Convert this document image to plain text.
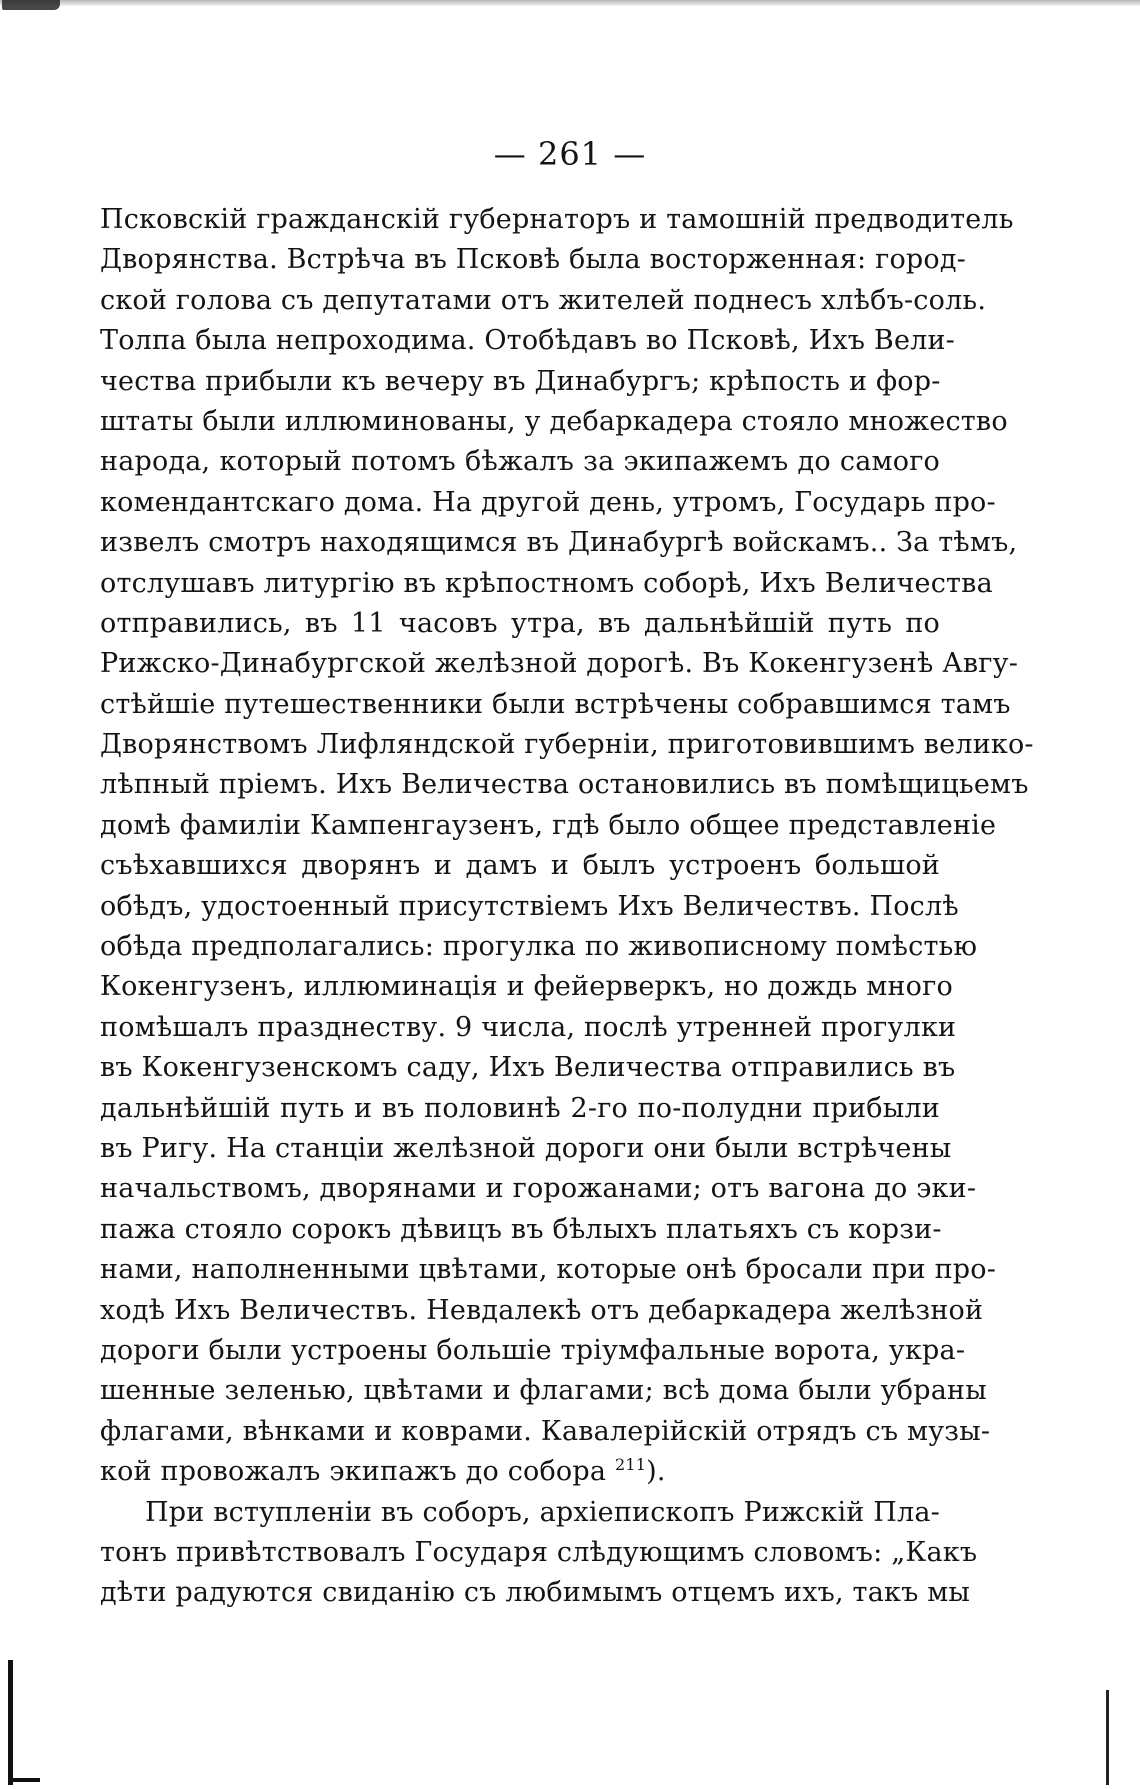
— 261 —
Псковскій гражданскій губернаторъ и тамошній предводитель
Дворянства. Встрѣча въ Псковѣ была восторженная: город-
ской голова съ депутатами отъ жителей поднесъ хлѣбъ-соль.
Толпа была непроходима. Отобѣдавъ во Псковѣ, Ихъ Вели-
чества прибыли къ вечеру въ Динабургъ; крѣпость и фор-
штаты были иллюминованы, у дебаркадера стояло множество
народа, который потомъ бѣжалъ за экипажемъ до самого
комендантскаго дома. На другой день, утромъ, Государь про-
извелъ смотръ находящимся въ Динабургѣ войскамъ.. За тѣмъ,
отслушавъ литургію въ крѣпостномъ соборѣ, Ихъ Величества
отправились, въ 11 часовъ утра, въ дальнѣйшій путь по
Рижско-Динабургской желѣзной дорогѣ. Въ Кокенгузенѣ Авгу-
стѣйшіе путешественники были встрѣчены собравшимся тамъ
Дворянствомъ Лифляндской губерніи, приготовившимъ велико-
лѣпный пріемъ. Ихъ Величества остановились въ помѣщицьемъ
домѣ фамиліи Кампенгаузенъ, гдѣ было общее представленіе
съѣхавшихся дворянъ и дамъ и былъ устроенъ большой
обѣдъ, удостоенный присутствіемъ Ихъ Величествъ. Послѣ
обѣда предполагались: прогулка по живописному помѣстью
Кокенгузенъ, иллюминація и фейерверкъ, но дождь много
помѣшалъ празднеству. 9 числа, послѣ утренней прогулки
въ Кокенгузенскомъ саду, Ихъ Величества отправились въ
дальнѣйшій путь и въ половинѣ 2-го по-полудни прибыли
въ Ригу. На станціи желѣзной дороги они были встрѣчены
начальствомъ, дворянами и горожанами; отъ вагона до эки-
пажа стояло сорокъ дѣвицъ въ бѣлыхъ платьяхъ съ корзи-
нами, наполненными цвѣтами, которые онѣ бросали при про-
ходѣ Ихъ Величествъ. Невдалекѣ отъ дебаркадера желѣзной
дороги были устроены большіе тріумфальные ворота, укра-
шенные зеленью, цвѣтами и флагами; всѣ дома были убраны
флагами, вѣнками и коврами. Кавалерійскій отрядъ съ музы-
кой провожалъ экипажъ до собора $^{211}$).
При вступленіи въ соборъ, архіепископъ Рижскій Пла-
тонъ привѣтствовалъ Государя слѣдующимъ словомъ: „Какъ
дѣти радуются свиданію съ любимымъ отцемъ ихъ, такъ мы
